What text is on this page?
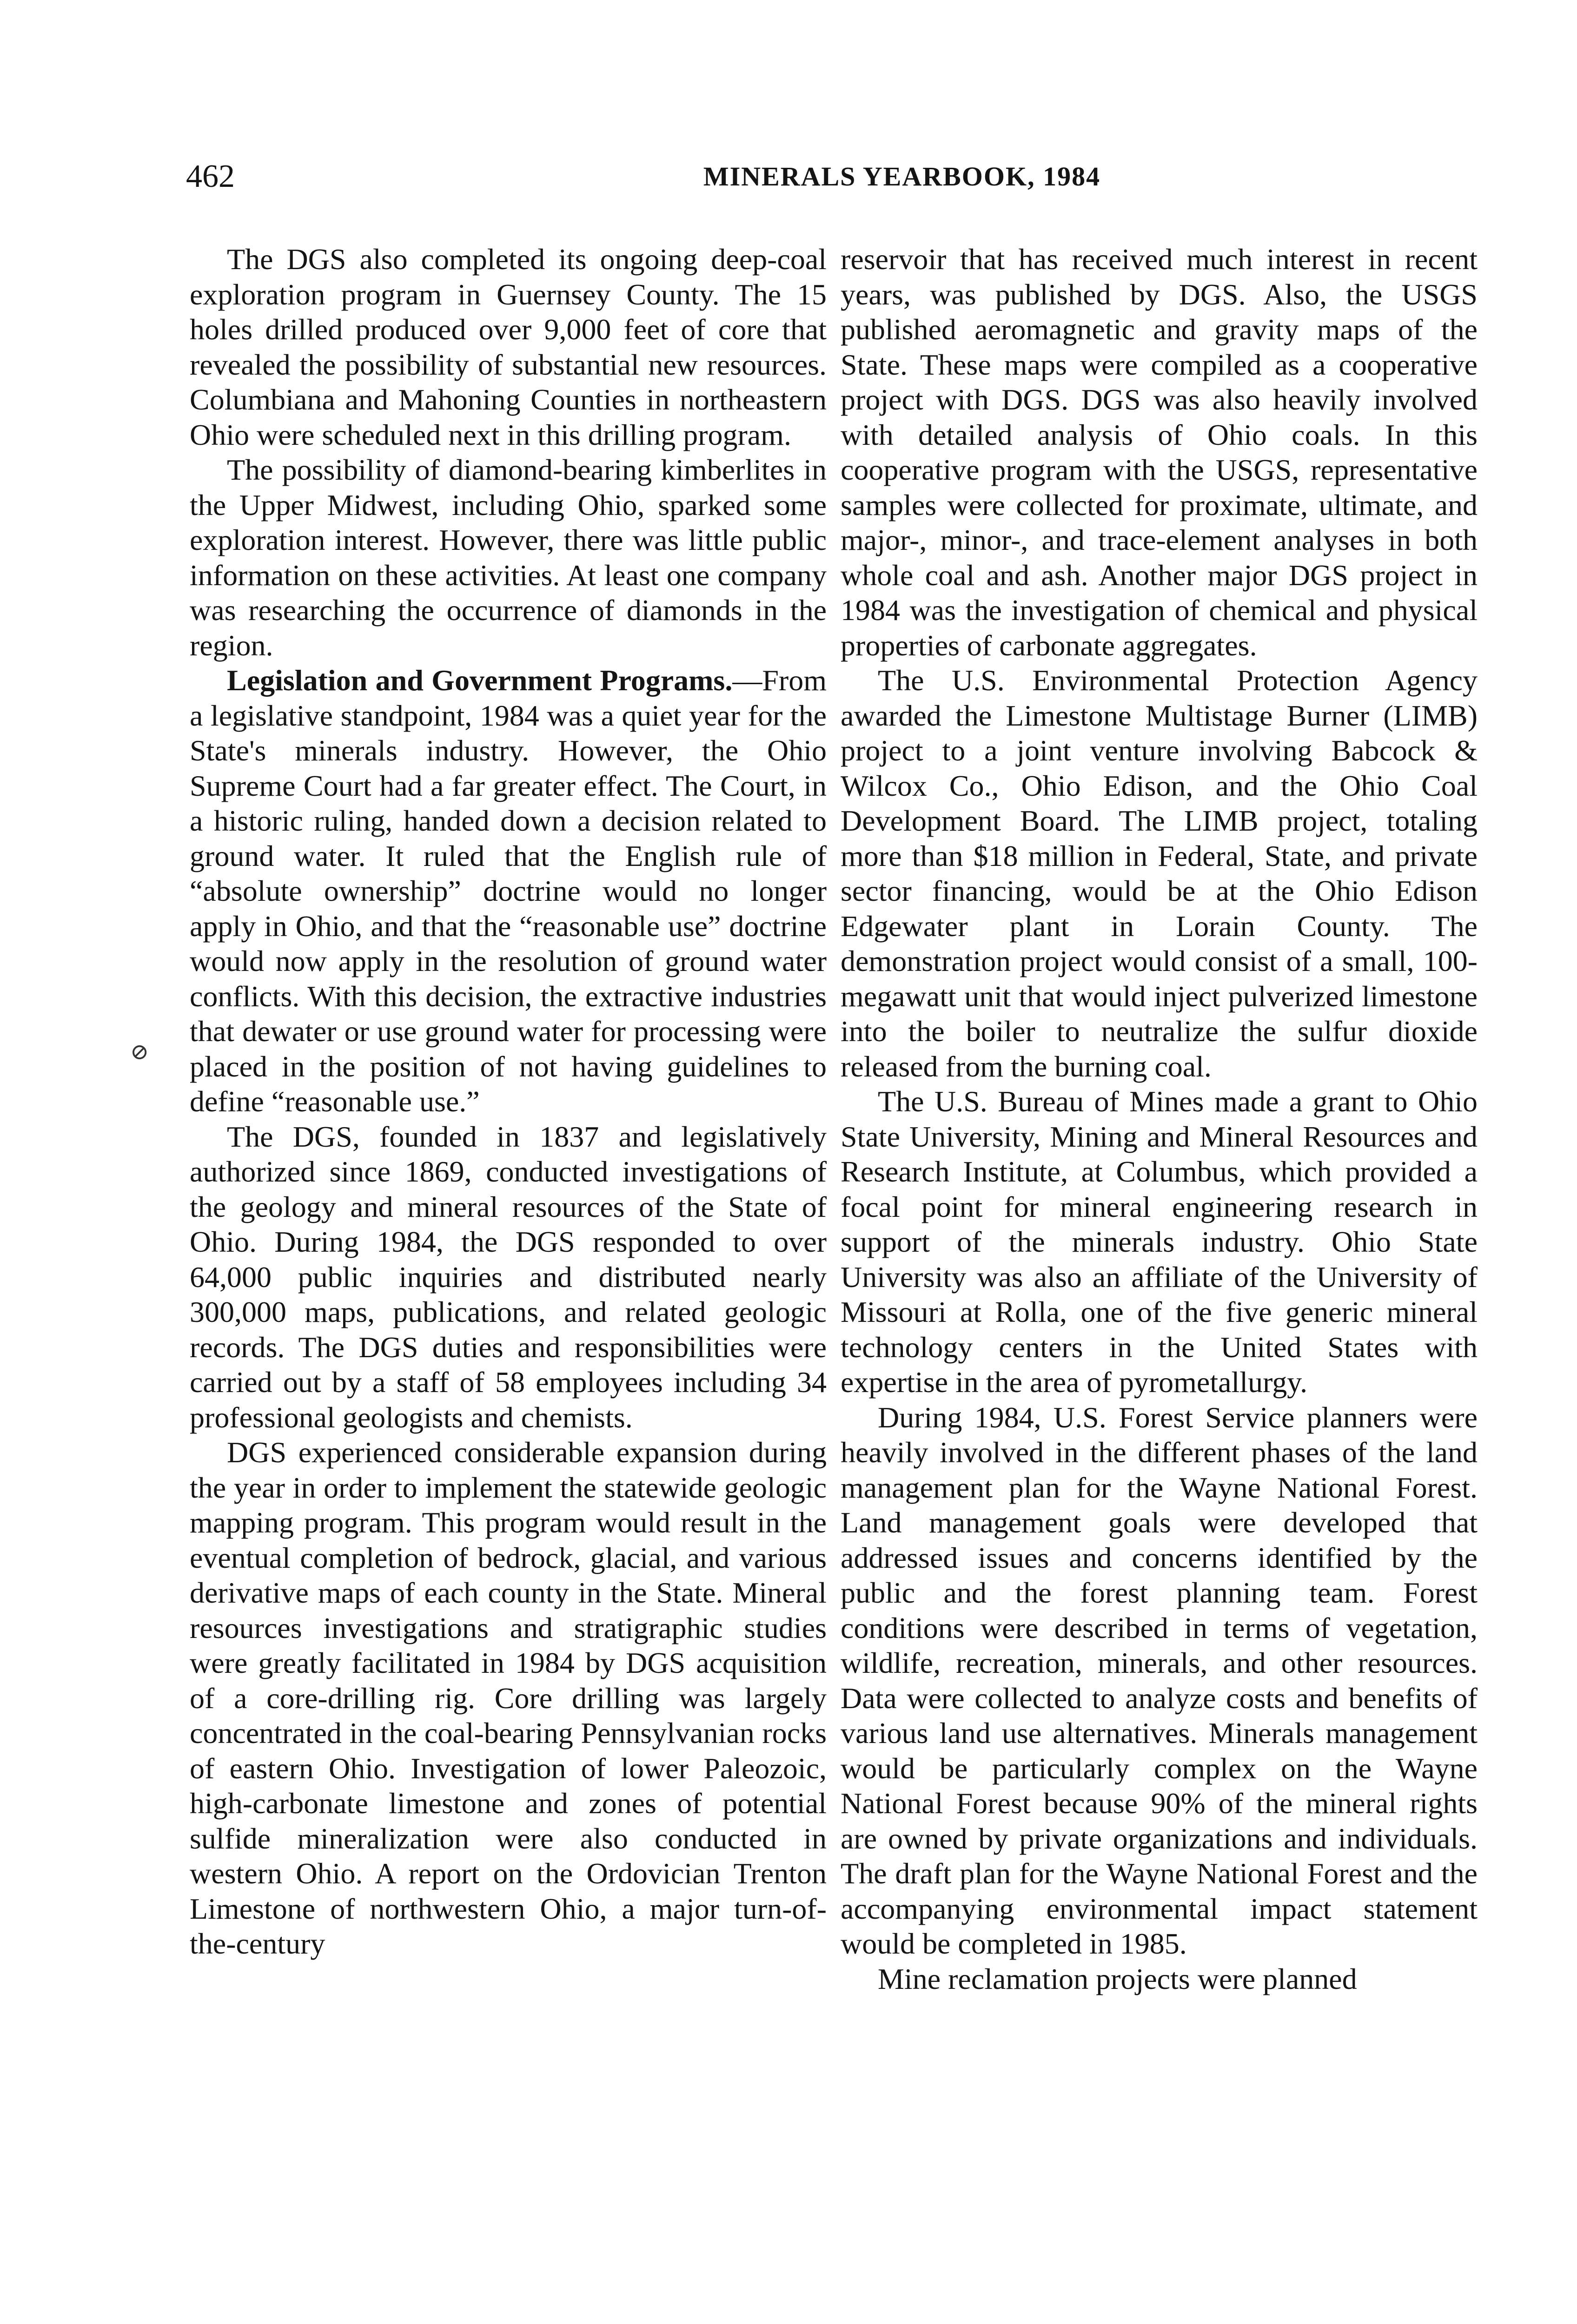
462	MINERALS YEARBOOK, 1984
⊘

The DGS also completed its ongoing deep-coal exploration program in Guernsey County. The 15 holes drilled produced over 9,000 feet of core that revealed the possibility of substantial new resources. Columbiana and Mahoning Counties in northeastern Ohio were scheduled next in this drilling program.

The possibility of diamond-bearing kimberlites in the Upper Midwest, including Ohio, sparked some exploration interest. However, there was little public information on these activities. At least one company was researching the occurrence of diamonds in the region.

Legislation and Government Programs.—From a legislative standpoint, 1984 was a quiet year for the State's minerals industry. However, the Ohio Supreme Court had a far greater effect. The Court, in a historic ruling, handed down a decision related to ground water. It ruled that the English rule of “absolute ownership” doctrine would no longer apply in Ohio, and that the “reasonable use” doctrine would now apply in the resolution of ground water conflicts. With this decision, the extractive industries that dewater or use ground water for processing were placed in the position of not having guidelines to define “reasonable use.”

The DGS, founded in 1837 and legislatively authorized since 1869, conducted investigations of the geology and mineral resources of the State of Ohio. During 1984, the DGS responded to over 64,000 public inquiries and distributed nearly 300,000 maps, publications, and related geologic records. The DGS duties and responsibilities were carried out by a staff of 58 employees including 34 professional geologists and chemists.

DGS experienced considerable expansion during the year in order to implement the statewide geologic mapping program. This program would result in the eventual completion of bedrock, glacial, and various derivative maps of each county in the State. Mineral resources investigations and stratigraphic studies were greatly facilitated in 1984 by DGS acquisition of a core-drilling rig. Core drilling was largely concentrated in the coal-bearing Pennsylvanian rocks of eastern Ohio. Investigation of lower Paleozoic, high-carbonate limestone and zones of potential sulfide mineralization were also conducted in western Ohio. A report on the Ordovician Trenton Limestone of northwestern Ohio, a major turn-of-the-century

reservoir that has received much interest in recent years, was published by DGS. Also, the USGS published aeromagnetic and gravity maps of the State. These maps were compiled as a cooperative project with DGS. DGS was also heavily involved with detailed analysis of Ohio coals. In this cooperative program with the USGS, representative samples were collected for proximate, ultimate, and major-, minor-, and trace-element analyses in both whole coal and ash. Another major DGS project in 1984 was the investigation of chemical and physical properties of carbonate aggregates.

The U.S. Environmental Protection Agency awarded the Limestone Multistage Burner (LIMB) project to a joint venture involving Babcock & Wilcox Co., Ohio Edison, and the Ohio Coal Development Board. The LIMB project, totaling more than $18 million in Federal, State, and private sector financing, would be at the Ohio Edison Edgewater plant in Lorain County. The demonstration project would consist of a small, 100-megawatt unit that would inject pulverized limestone into the boiler to neutralize the sulfur dioxide released from the burning coal.

The U.S. Bureau of Mines made a grant to Ohio State University, Mining and Mineral Resources and Research Institute, at Columbus, which provided a focal point for mineral engineering research in support of the minerals industry. Ohio State University was also an affiliate of the University of Missouri at Rolla, one of the five generic mineral technology centers in the United States with expertise in the area of pyrometallurgy.

During 1984, U.S. Forest Service planners were heavily involved in the different phases of the land management plan for the Wayne National Forest. Land management goals were developed that addressed issues and concerns identified by the public and the forest planning team. Forest conditions were described in terms of vegetation, wildlife, recreation, minerals, and other resources. Data were collected to analyze costs and benefits of various land use alternatives. Minerals management would be particularly complex on the Wayne National Forest because 90% of the mineral rights are owned by private organizations and individuals. The draft plan for the Wayne National Forest and the accompanying environmental impact statement would be completed in 1985.

Mine reclamation projects were planned
